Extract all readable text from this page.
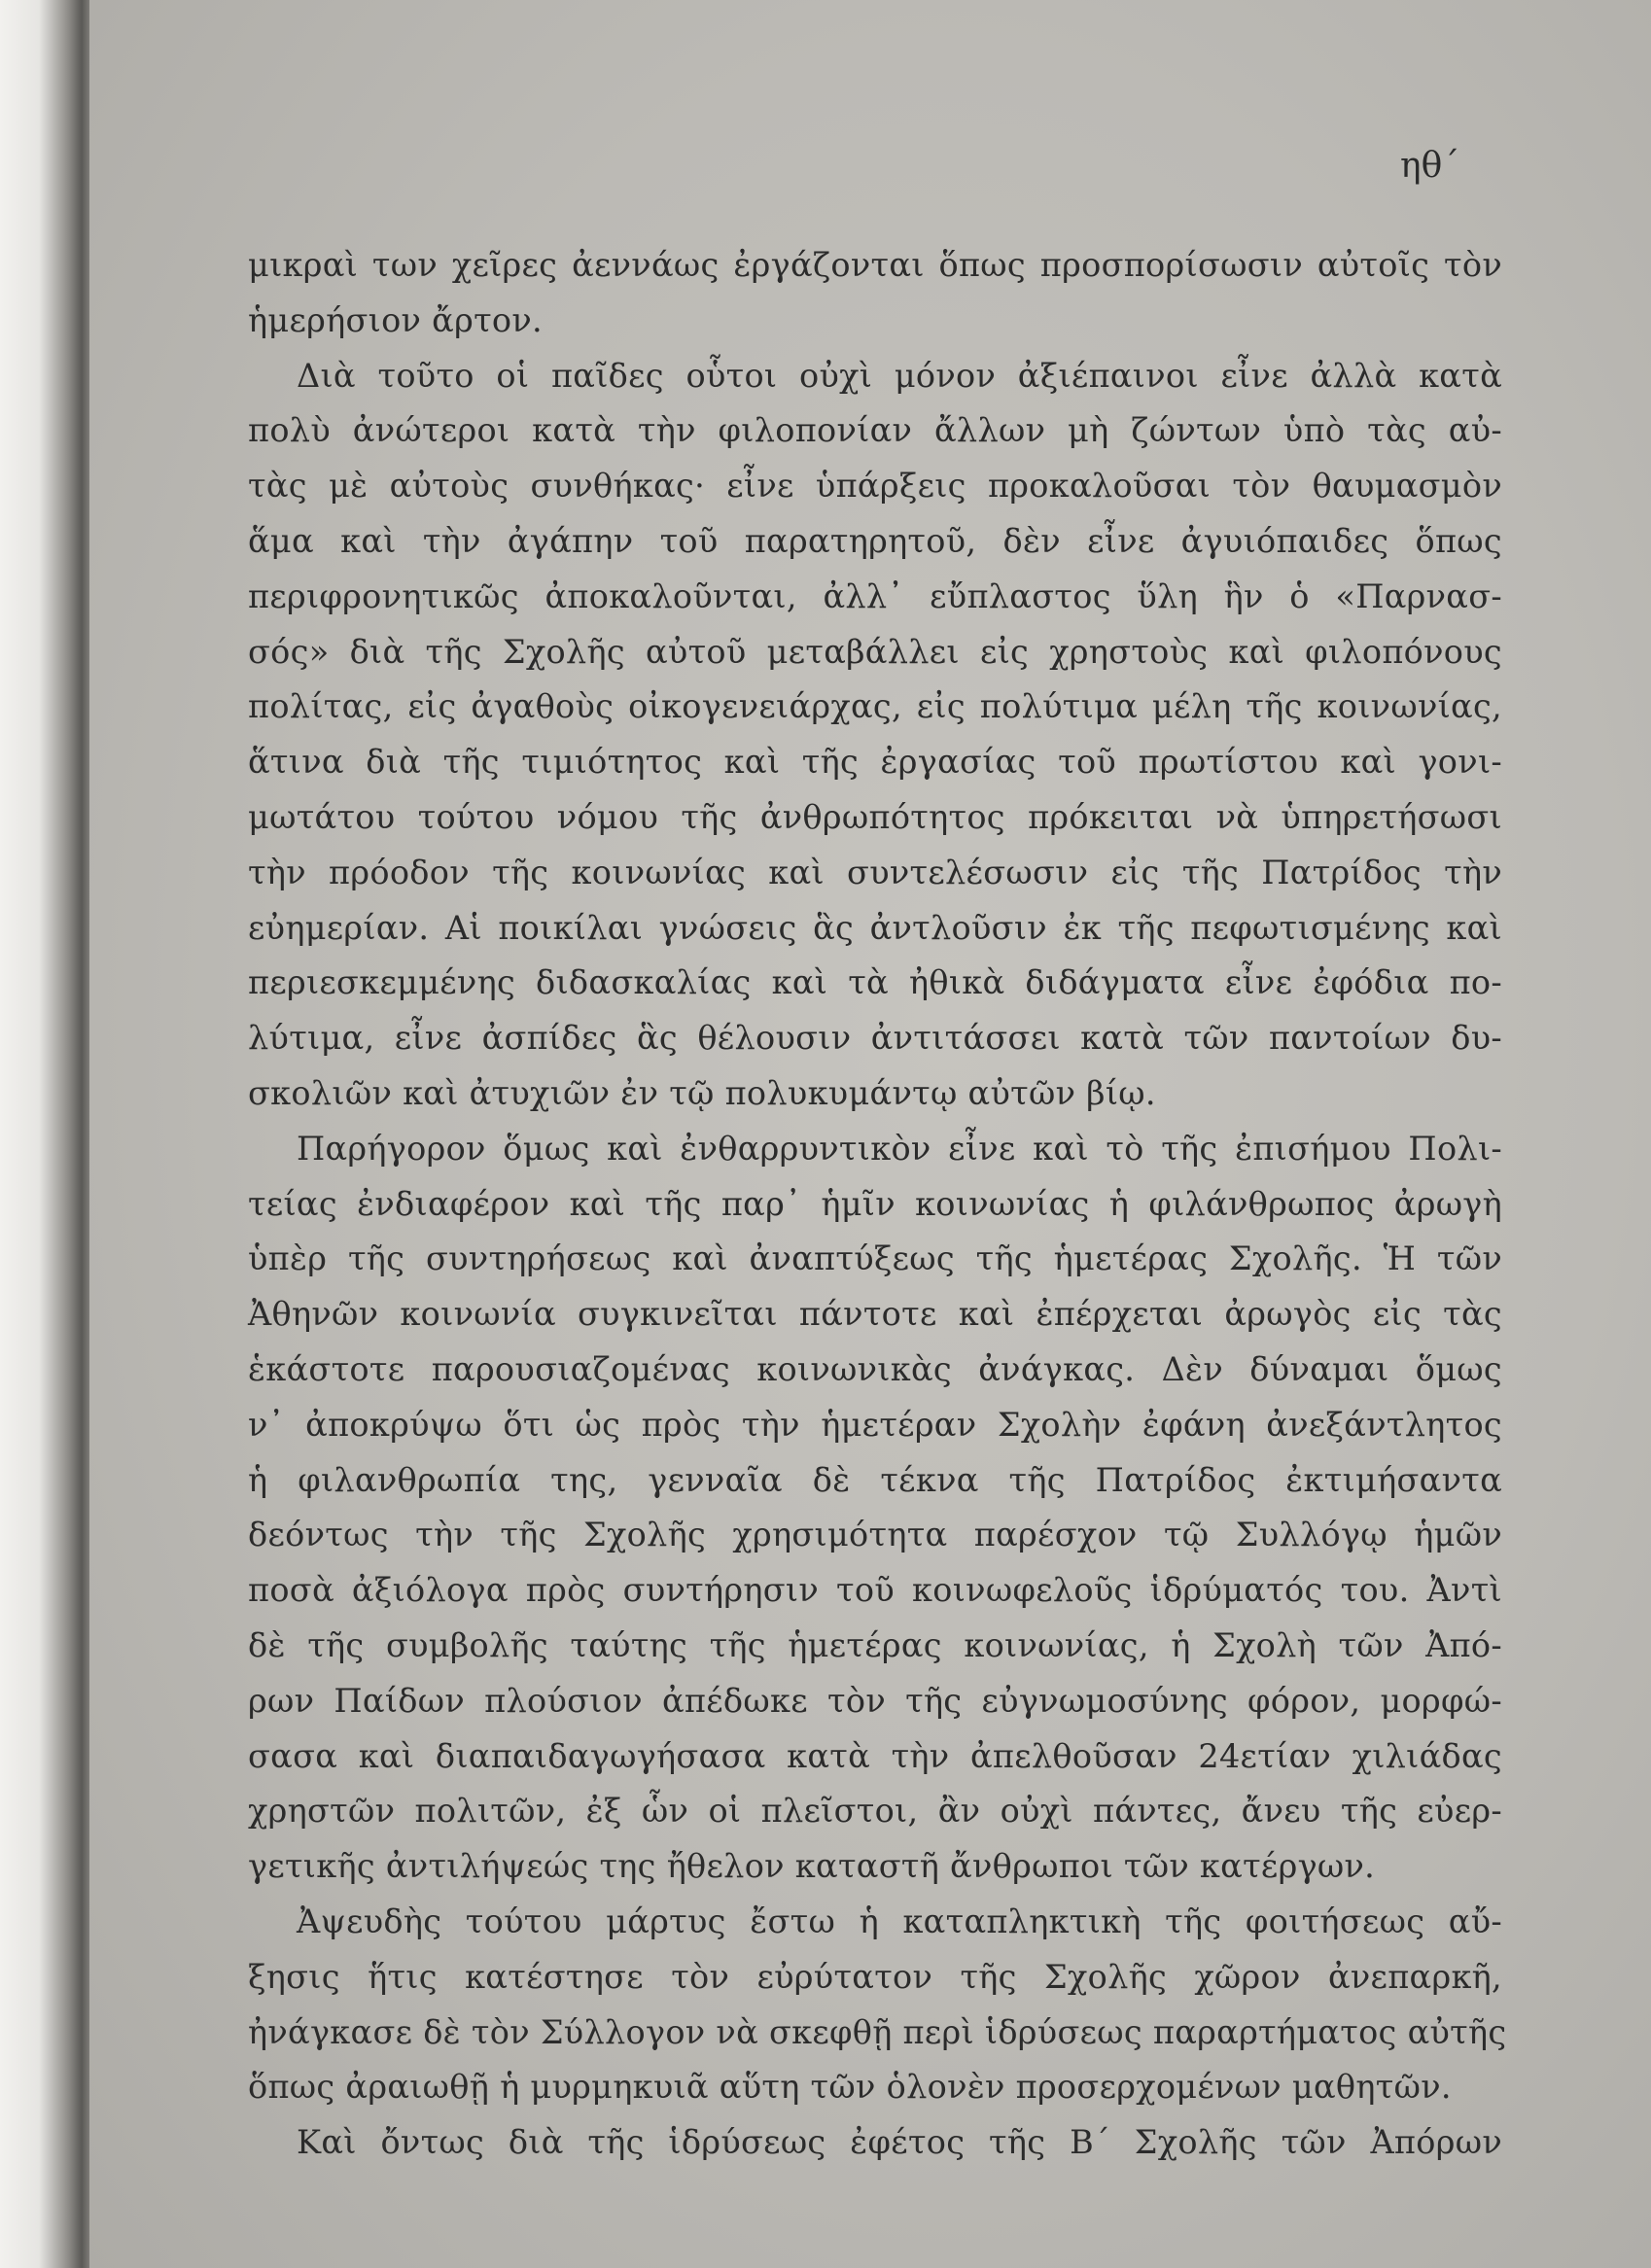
ηθ΄
μικραὶ των χεῖρες ἀεννάως ἐργάζονται ὅπως προσπορίσωσιν αὐτοῖς τὸν
ἡμερήσιον ἄρτον.
Διὰ τοῦτο οἱ παῖδες οὗτοι οὐχὶ μόνον ἀξιέπαινοι εἶνε ἀλλὰ κατὰ
πολὺ ἀνώτεροι κατὰ τὴν φιλοπονίαν ἄλλων μὴ ζώντων ὑπὸ τὰς αὐ-
τὰς μὲ αὐτοὺς συνθήκας· εἶνε ὑπάρξεις προκαλοῦσαι τὸν θαυμασμὸν
ἅμα καὶ τὴν ἀγάπην τοῦ παρατηρητοῦ, δὲν εἶνε ἀγυιόπαιδες ὅπως
περιφρονητικῶς ἀποκαλοῦνται, ἀλλ᾿ εὔπλαστος ὕλη ἣν ὁ «Παρνασ-
σός» διὰ τῆς Σχολῆς αὐτοῦ μεταβάλλει εἰς χρηστοὺς καὶ φιλοπόνους
πολίτας, εἰς ἀγαθοὺς οἰκογενειάρχας, εἰς πολύτιμα μέλη τῆς κοινωνίας,
ἅτινα διὰ τῆς τιμιότητος καὶ τῆς ἐργασίας τοῦ πρωτίστου καὶ γονι-
μωτάτου τούτου νόμου τῆς ἀνθρωπότητος πρόκειται νὰ ὑπηρετήσωσι
τὴν πρόοδον τῆς κοινωνίας καὶ συντελέσωσιν εἰς τῆς Πατρίδος τὴν
εὐημερίαν. Αἱ ποικίλαι γνώσεις ἃς ἀντλοῦσιν ἐκ τῆς πεφωτισμένης καὶ
περιεσκεμμένης διδασκαλίας καὶ τὰ ἠθικὰ διδάγματα εἶνε ἐφόδια πο-
λύτιμα, εἶνε ἀσπίδες ἃς θέλουσιν ἀντιτάσσει κατὰ τῶν παντοίων δυ-
σκολιῶν καὶ ἀτυχιῶν ἐν τῷ πολυκυμάντῳ αὐτῶν βίῳ.
Παρήγορον ὅμως καὶ ἐνθαρρυντικὸν εἶνε καὶ τὸ τῆς ἐπισήμου Πολι-
τείας ἐνδιαφέρον καὶ τῆς παρ᾿ ἡμῖν κοινωνίας ἡ φιλάνθρωπος ἀρωγὴ
ὑπὲρ τῆς συντηρήσεως καὶ ἀναπτύξεως τῆς ἡμετέρας Σχολῆς. Ἡ τῶν
Ἀθηνῶν κοινωνία συγκινεῖται πάντοτε καὶ ἐπέρχεται ἀρωγὸς εἰς τὰς
ἑκάστοτε παρουσιαζομένας κοινωνικὰς ἀνάγκας. Δὲν δύναμαι ὅμως
ν᾿ ἀποκρύψω ὅτι ὡς πρὸς τὴν ἡμετέραν Σχολὴν ἐφάνη ἀνεξάντλητος
ἡ φιλανθρωπία της, γενναῖα δὲ τέκνα τῆς Πατρίδος ἐκτιμήσαντα
δεόντως τὴν τῆς Σχολῆς χρησιμότητα παρέσχον τῷ Συλλόγῳ ἡμῶν
ποσὰ ἀξιόλογα πρὸς συντήρησιν τοῦ κοινωφελοῦς ἱδρύματός του. Ἀντὶ
δὲ τῆς συμβολῆς ταύτης τῆς ἡμετέρας κοινωνίας, ἡ Σχολὴ τῶν Ἀπό-
ρων Παίδων πλούσιον ἀπέδωκε τὸν τῆς εὐγνωμοσύνης φόρον, μορφώ-
σασα καὶ διαπαιδαγωγήσασα κατὰ τὴν ἀπελθοῦσαν 24ετίαν χιλιάδας
χρηστῶν πολιτῶν, ἐξ ὧν οἱ πλεῖστοι, ἂν οὐχὶ πάντες, ἄνευ τῆς εὐερ-
γετικῆς ἀντιλήψεώς της ἤθελον καταστῆ ἄνθρωποι τῶν κατέργων.
Ἀψευδὴς τούτου μάρτυς ἔστω ἡ καταπληκτικὴ τῆς φοιτήσεως αὔ-
ξησις ἥτις κατέστησε τὸν εὐρύτατον τῆς Σχολῆς χῶρον ἀνεπαρκῆ,
ἠνάγκασε δὲ τὸν Σύλλογον νὰ σκεφθῇ περὶ ἱδρύσεως παραρτήματος αὐτῆς
ὅπως ἀραιωθῇ ἡ μυρμηκυιᾶ αὕτη τῶν ὁλονὲν προσερχομένων μαθητῶν.
Καὶ ὄντως διὰ τῆς ἱδρύσεως ἐφέτος τῆς Β΄ Σχολῆς τῶν Ἀπόρων
